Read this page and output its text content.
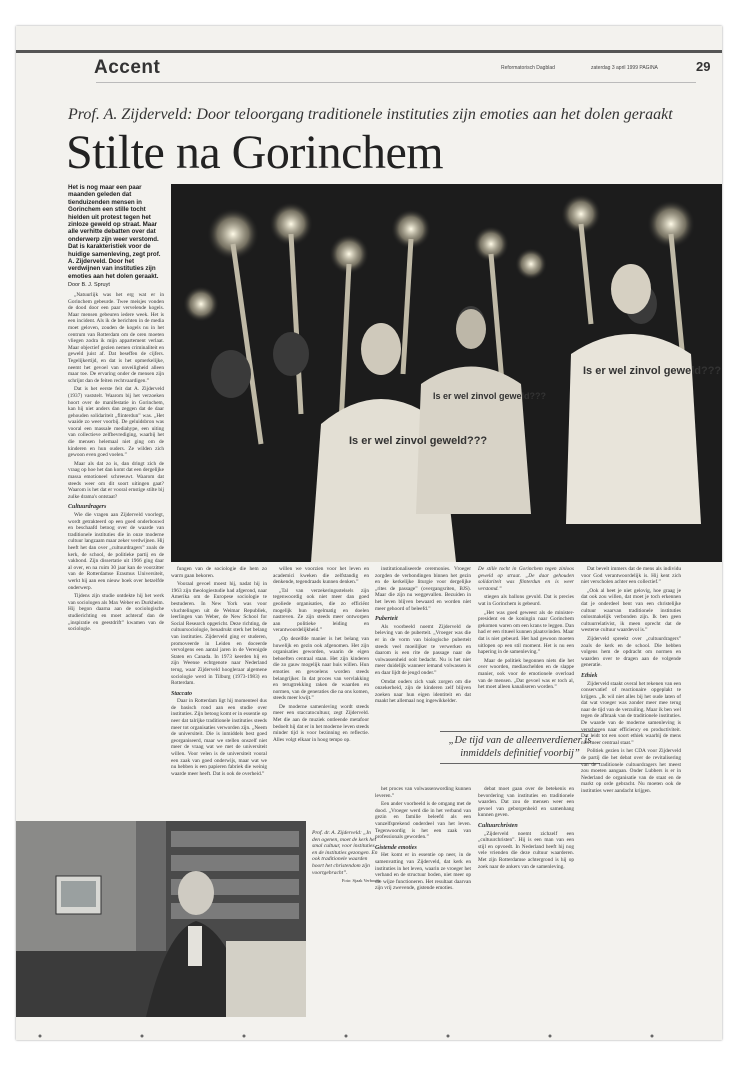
Accent	Reformatorisch Dagblad	zaterdag 3 april 1999 PAGINA	29
Prof. A. Zijderveld: Door teloorgang traditionele instituties zijn emoties aan het dolen geraakt
Stilte na Gorinchem
Het is nog maar een paar maanden geleden dat tienduizenden mensen in Gorinchem een stille tocht hielden uit protest tegen het zinloze geweld op straat. Maar alle verhitte debatten over dat onderwerp zijn weer verstomd. Dat is karakteristiek voor de huidige samenleving, zegt prof. A. Zijderveld. Door het verdwijnen van instituties zijn emoties aan het dolen geraakt.
Door B. J. Spruyt
Is er wel zinvol geweld???
Is er wel zinvol geweld???
Is er wel zinvol geweld???

„Natuurlijk was het erg wat er in Gorinchem gebeurde. Twee meisjes vonden de dood door een paar vervelende kogels. Maar mensen gebeuren iedere week. Het is een incident. Als ik de berichten in de media moet geloven, zouden de kogels nu in het centrum van Rotterdam om de oren moeten vliegen zodra ik mijn appartement verlaat. Maar objectief gezien nemen criminaliteit en geweld juist af. Dat beseffen de cijfers. Tegelijkertijd, en dat is het opmerkelijke, neemt het gevoel van onveiligheid alleen maar toe. De ervaring onder de mensen zijn schrijnt dan de feiten rechtvaardigen.”

Dat is het eerste feit dat A. Zijderveld (1937) vaststelt. Waarom bij het verzoeken hoort over de manifestatie in Gorinchem, kan hij niet anders dan zeggen dat de daar gehouden solidariteit „flinterdun” was. „Het waaide zo weer voorbij. De geluidsbron was vooral een massale mediahype, een uiting van collectieve zelfbevrediging, waarbij het die mensen helemaal niet ging om de kinderen en hun ouders. Ze wilden zich gewoon even goed voelen.”

Maar als dat zo is, dan dringt zich de vraag op hoe het dan komt dat een dergelijke massa emotioneel schreeuwt. Waarom dat steeds weer om dit soort uitingen gaat? Waarom is het dat er vooral ernstige stilte bij zulke drama's ontstaat?

Cultuurdragers

Wie die vragen aan Zijderveld voorlegt, wordt getrakteerd op een goed onderbouwd en beschaafd betoog over de waarde van traditionele instituties die in onze moderne cultuur langzaam maar zeker verdwijnen. Hij heeft het dan over „cultuurdragers” zoals de kerk, de school, de politieke partij en de vakbond. Zijn dissertatie uit 1966 ging daar al over, en na ruim 30 jaar kan de voorzitter van de Rotterdamse Erasmus Universiteit, werkt hij aan een nieuw boek over hetzelfde onderwerp.

Tijdens zijn studie ontdekte hij het werk van sociologen als Max Weber en Durkheim. Hij begon daarna aan de sociologische studierichting en moet achteraf dan de „inspiratie en geestdrift” kwamen van de sociologie.

fungen van de sociologie die hem zo warm gaan bekoren.

Vooraal gevoel moest hij, nadat hij in 1963 zijn theologiestudie had afgerond, naar Amerika om de Europese sociologie te bestuderen. In New York was voor vluchtelingen uit de Weimar Republiek, leerlingen van Weber, de New School for Social Research opgericht. Deze richting, de cultuursociologie, benadrukt sterk het belang van instituties. Zijderveld ging er studeren, promoveerde in Leiden en doceerde vervolgens een aantal jaren in de Verenigde Staten en Canada. In 1973 keerden hij en zijn Weense echtgenote naar Nederland terug, waar Zijderveld hoogleraar algemene sociologie werd in Tilburg (1973-1983) en Rotterdam.

Staccato

Daar in Rotterdam ligt hij momenteel dus de basisch rond aan een studie over instituties. Zijn betoog komt er in essentie op neer dat talrijke traditionele instituties steeds meer tot organisaties verworden zijn. „Neem de universiteit. Die is inmiddels best goed georganiseerd, maar we stellen onszelf niet meer de vraag wat we met de universiteit willen. Voor velen is de universiteit vooral een zaak van goed onderwijs, maar wat we nu hebben is een papieren fabriek die weinig waarde meer heeft. Dat is ook de overheid.”

willen we voorzien voor het leven en academici kweken die zelfstandig en denkende, tegendraads kunnen denken.”

„Tal van verzekeringsstelsels zijn tegenwoordig ook niet meer dan goed geoliede organisaties, die zo efficiënt mogelijk hun regelmatig en doelen nastreven. Ze zijn steeds meer ontworpen aan politieke leiding en verantwoordelijkheid.”

„Op dezelfde manier is het belang van huwelijk en gezin ook afgenomen. Het zijn organisaties geworden, waarin de eigen behoeften centraal staan. Het zijn kinderen die zo gauw mogelijk naar huis willen. Hun emoties en gevoelens worden steeds belangrijker. In dat proces van vervlakking en terugtrekking raken de waarden en normen, van de generaties die na ons komen, steeds meer kwijt.”

De moderne samenleving wordt steeds meer een staccatocultuur, zegt Zijderveld. Met die aan de muziek ontleende metafoor bedoelt hij dat er in het moderne leven steeds minder tijd is voor bezinning en reflectie. Alles volgt elkaar in hoog tempo op.

institutionaliseerde ceremonies. Vroeger zorgden de verbondingen binnen het gezin en de kerkelijke liturgie voor dergelijke „rites de passage” (overgangsriten, BJS). Maar die zijn nu weggevallen. Bezuiden in het leven blijven bewaard en worden niet meer gehoord of beleefd.”

Puberteit

Als voorbeeld noemt Zijderveld de beleving van de puberteit. „Vroeger was die er in de vorm van biologische puberteit steeds veel moeilijker te verwerken en daarom is een rite de passage naar de volwassenheid ooit bedacht. Nu is het niet meer duidelijk wanneer iemand volwassen is en daar lijdt de jeugd onder.”

Omdat ouders zich vaak zorgen om die onzekerheid, zijn de kinderen zelf blijven zoeken naar hun eigen identiteit en dat maakt het allemaal nog ingewikkelder.

De stille tocht in Gorinchem tegen zinloos geweld op straat. „De daar gehouden solidariteit was flinterdun en is weer verstomd.”

stiegen als ballons gevuld. Dat is precies wat in Gorinchem is gebeurd.

„Het was goed geweest als de minister-president en de koningin naar Gorinchem gekomen waren om een krans te leggen. Dan had er een ritueel kunnen plaatsvinden. Maar dat is niet gebeurd. Het had gewoon moeten uitlopen op een stil moment. Het is nu een hapering in de samenleving.”

Maar de politiek begonnen niets die het over woorden, mediaschelden en de slappe manier, ook voor de emotionele overload van de mensen. „Dat gevoel was er toch al, het moet alleen kanaliseren worden.”

„De tijd van de alleenverdiener is inmiddels definitief voorbij”

het proces van volwassenwording kunnen leveren.”

Een ander voorbeeld is de omgang met de dood. „Vroeger werd die in het verband van gezin en familie beleefd als een vanzelfsprekend onderdeel van het leven. Tegenwoordig is het een zaak van professionals geworden.”

Gistende emoties

Het komt er in essentie op neer, in de samenvatting van Zijderveld, dat kerk en instituties in het leven, waarin ze vroeger het verband en de structuur boden, niet meer op die wijze functioneren. Het resultaat daarvan zijn vrij zwevende, gistende emoties.

debat moet gaan over de betekenis en bevordering van instituties en traditionele waarden. Dat zou de mensen weer een gevoel van geborgenheid en samenhang kunnen geven.

Cultuurchristen

„Zijderveld noemt zichzelf een „cultuurchristen”. Hij is een man van een stijl en opvoedt. In Nederland heeft hij nog vele vrienden die deze cultuur waarderen. Met zijn Rotterdamse achtergrond is hij op zoek naar de ankers van de samenleving.

Dat bevelt immers dat de mens als individu voor God verantwoordelijk is. Hij kent zich niet verscholen achter een collectief.”

„Ook al heet je niet gelovig, hoe graag je dat ook zou willen, dat moet je toch erkennen dat je onderdeel bent van een christelijke cultuur waarvan traditionele instituties onlosmakelijk verbonden zijn. Ik ben geen cultuurrelativist, ik meen oprecht dat de westerse cultuur waardevol is.”

Zijderveld spreekt over „cultuurdragers” zoals de kerk en de school. Die hebben volgens hem de opdracht om normen en waarden over te dragen aan de volgende generatie.

Ethiek

Zijderveld staakt overal het rekenen van een conservatief of reactionaire opgeplakt te krijgen. „Ik wil niet alles bij het oude laten of dat wat vroeger was zonder meer mee terug naar de tijd van de verzuiling. Maar ik ben wel tegen de afbraak van de traditionele instituties. De waarde van de moderne samenleving is verschoven naar efficiency en productiviteit. Dat leidt tot een soort ethiek waarbij de mens niet meer centraal staat.”

Politiek gezien is het CDA voor Zijderveld de partij die het debat over de revitalisering van de traditionele cultuurdragers het meest zou moeten aangaan. Onder Lubbers is er in Nederland de organisatie van de staat en de markt op orde gebracht. Nu moeten ook de instituties weer aandacht krijgen.

Prof. dr. A. Zijderveld: „In den ogenen, moet de kerk het smal cultuur, voor instituties en de instituties gezongen. En ook traditionele waarden hoort het christendom zijn voortgebracht”.
Foto: Sjaak Verboom
